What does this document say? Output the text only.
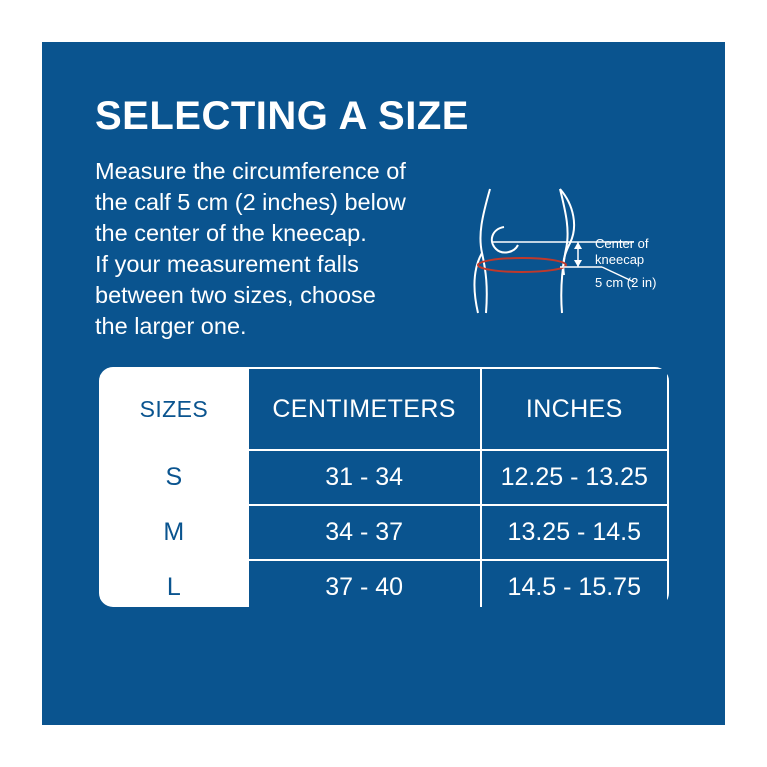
SELECTING A SIZE

Measure the circumference of

the calf 5 cm (2 inches) below

the center of the kneecap.

If your measurement falls

between two sizes, choose

the larger one.

Center of
kneecap
5 cm (2 in)
SIZES	CENTIMETERS	INCHES
S	31 - 34	12.25 - 13.25
M	34 - 37	13.25 - 14.5
L	37 - 40	14.5 - 15.75
